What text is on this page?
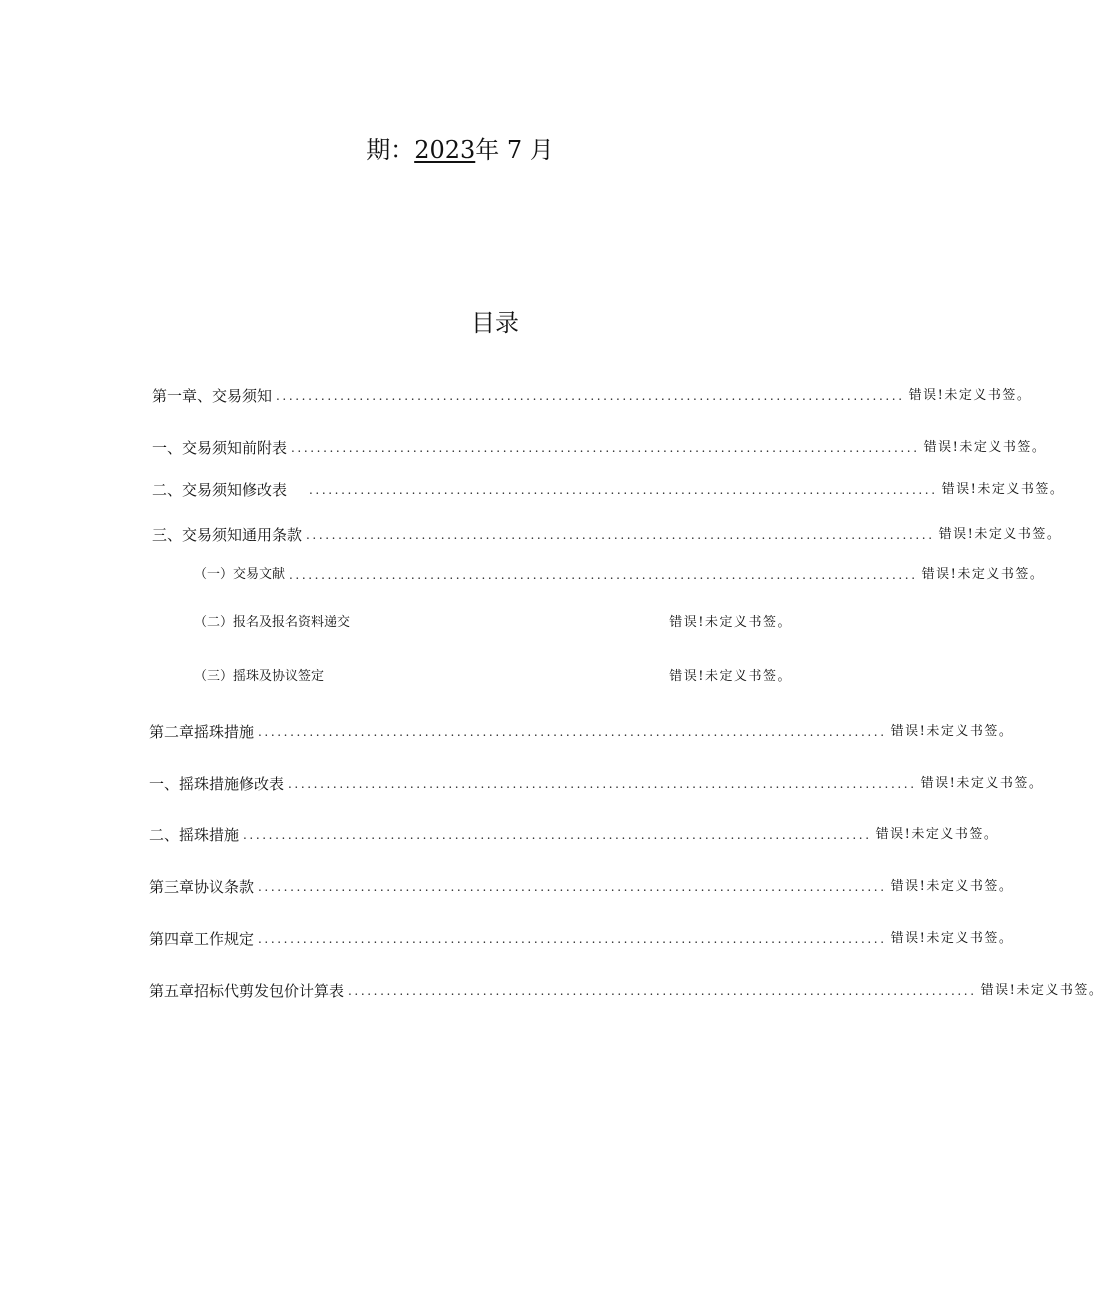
期：2023年 7 月
目录
第一章、交易须知 .................................................................................................. 错误!未定义书签。
一、交易须知前附表 .................................................................................................. 错误!未定义书签。
二、交易须知修改表	.................................................................................................. 错误!未定义书签。
三、交易须知通用条款 .................................................................................................. 错误!未定义书签。
（一）交易文献 .................................................................................................. 错误!未定义书签。
（二）报名及报名资料递交	错误!未定义书签。
（三）摇珠及协议签定	错误!未定义书签。
第二章摇珠措施 .................................................................................................. 错误!未定义书签。
一、摇珠措施修改表 .................................................................................................. 错误!未定义书签。
二、摇珠措施 .................................................................................................. 错误!未定义书签。
第三章协议条款 .................................................................................................. 错误!未定义书签。
第四章工作规定 .................................................................................................. 错误!未定义书签。
第五章招标代剪发包价计算表 .................................................................................................. 错误!未定义书签。
